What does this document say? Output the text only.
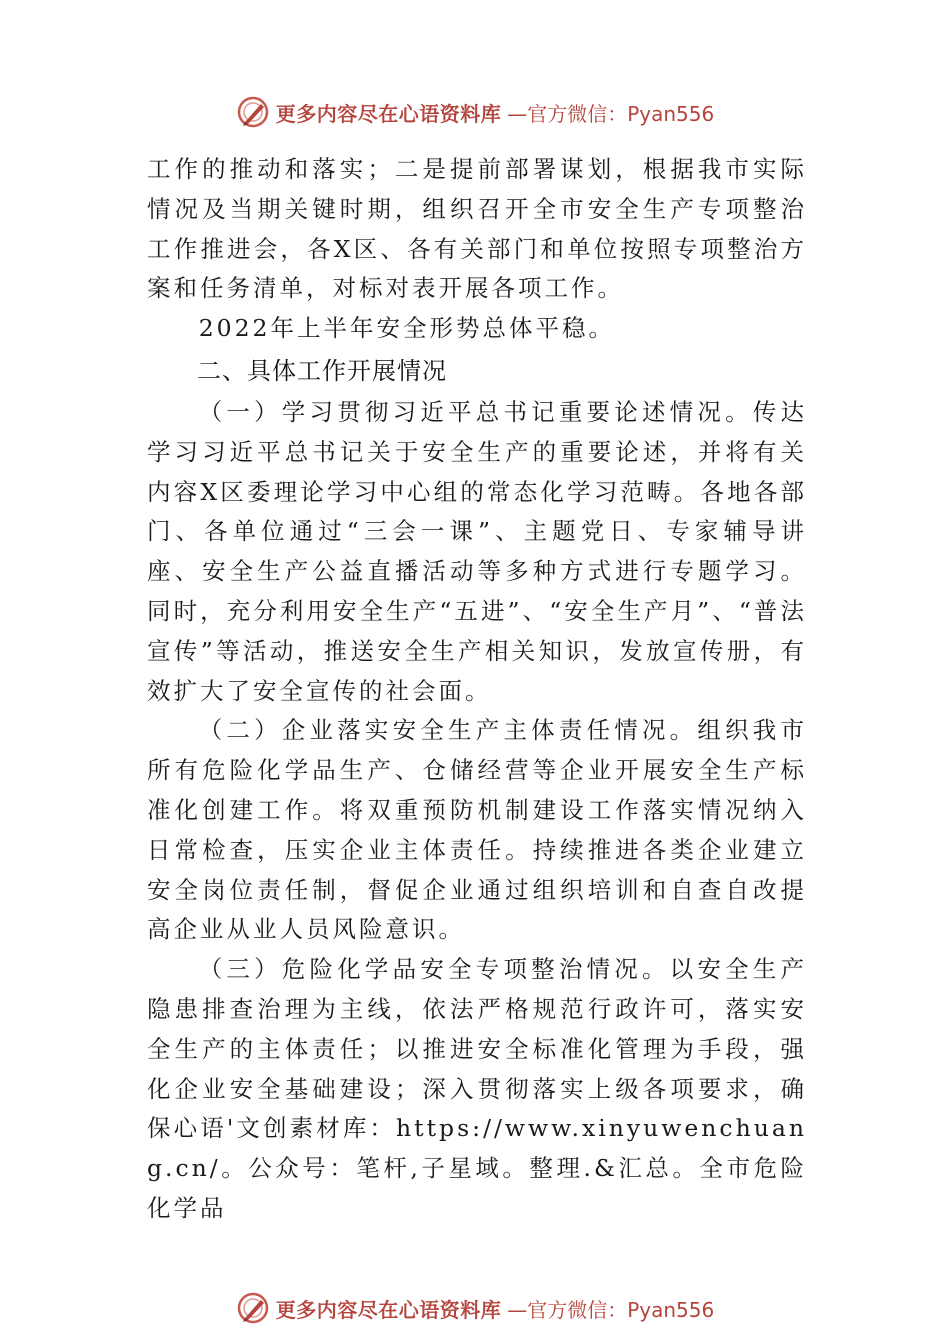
更多内容尽在心语资料库 —官方微信：Pyan556

工作的推动和落实；二是提前部署谋划，根据我市实际情况及当期关键时期，组织召开全市安全生产专项整治工作推进会，各X区、各有关部门和单位按照专项整治方案和任务清单，对标对表开展各项工作。

2022年上半年安全形势总体平稳。

二、具体工作开展情况

（一）学习贯彻习近平总书记重要论述情况。传达学习习近平总书记关于安全生产的重要论述，并将有关内容X区委理论学习中心组的常态化学习范畴。各地各部门、各单位通过“三会一课”、主题党日、专家辅导讲座、安全生产公益直播活动等多种方式进行专题学习。同时，充分利用安全生产“五进”、“安全生产月”、“普法宣传”等活动，推送安全生产相关知识，发放宣传册，有效扩大了安全宣传的社会面。

（二）企业落实安全生产主体责任情况。组织我市所有危险化学品生产、仓储经营等企业开展安全生产标准化创建工作。将双重预防机制建设工作落实情况纳入日常检查，压实企业主体责任。持续推进各类企业建立安全岗位责任制，督促企业通过组织培训和自查自改提高企业从业人员风险意识。

（三）危险化学品安全专项整治情况。以安全生产隐患排查治理为主线，依法严格规范行政许可，落实安全生产的主体责任；以推进安全标准化管理为手段，强化企业安全基础建设；深入贯彻落实上级各项要求，确保心语'文创素材库：https://www.xinyuwenchuang.cn/。公众号：笔杆,子星域。整理.&汇总。全市危险化学品

更多内容尽在心语资料库 —官方微信：Pyan556
